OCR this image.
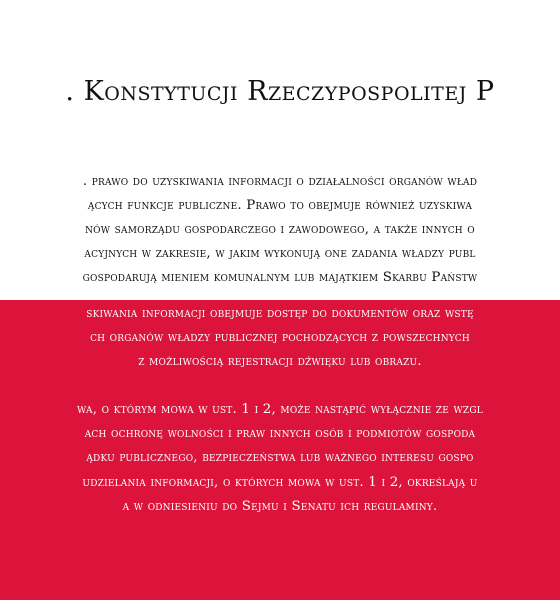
. Konstytucji Rzeczypospolitej P
. prawo do uzyskiwania informacji o działalności organów wład
ących funkcje publiczne. Prawo to obejmuje również uzyskiwa
nów samorządu gospodarczego i zawodowego, a także innych o
acyjnych w zakresie, w jakim wykonują one zadania władzy publ
gospodarują mieniem komunalnym lub majątkiem Skarbu Państw
skiwania informacji obejmuje dostęp do dokumentów oraz wstę
ch organów władzy publicznej pochodzących z powszechnych
z możliwością rejestracji dźwięku lub obrazu.
wa, o którym mowa w ust. 1 i 2, może nastąpić wyłącznie ze wzgl
ach ochronę wolności i praw innych osób i podmiotów gospoda
ądku publicznego, bezpieczeństwa lub ważnego interesu gospo
udzielania informacji, o których mowa w ust. 1 i 2, określają u
a w odniesieniu do Sejmu i Senatu ich regulaminy.
